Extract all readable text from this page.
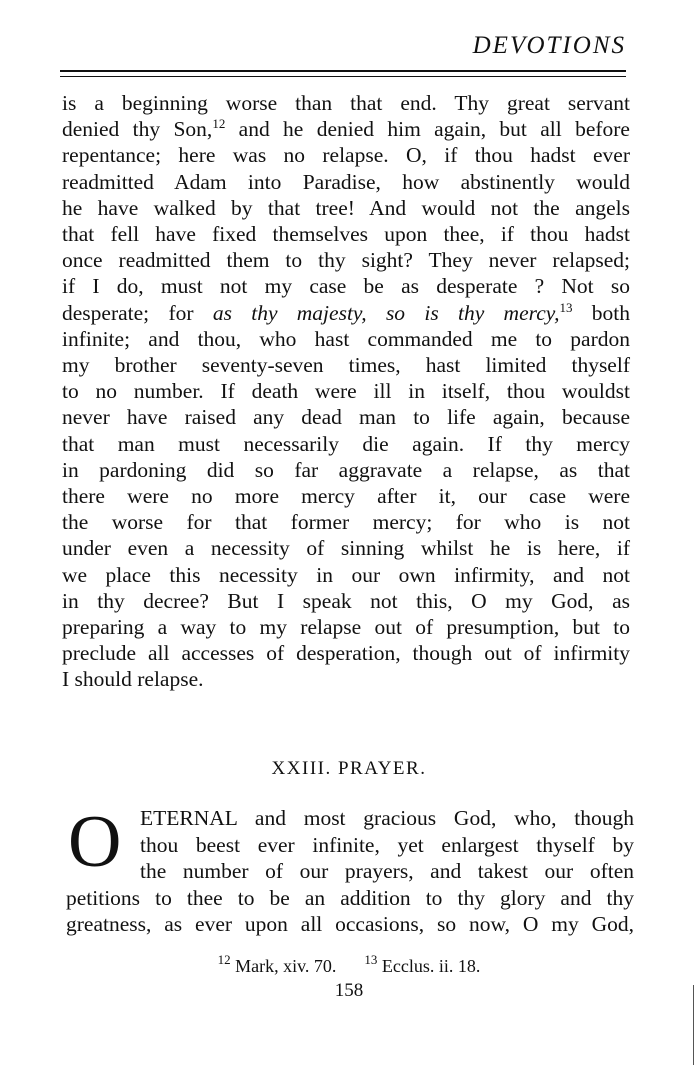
DEVOTIONS
is a beginning worse than that end. Thy great servant
denied thy Son,$^{12}$ and he denied him again, but all before
repentance; here was no relapse. O, if thou hadst ever
readmitted Adam into Paradise, how abstinently would
he have walked by that tree! And would not the angels
that fell have fixed themselves upon thee, if thou hadst
once readmitted them to thy sight? They never relapsed;
if I do, must not my case be as desperate ? Not so
desperate; for as thy majesty, so is thy mercy,$^{13}$ both
infinite; and thou, who hast commanded me to pardon
my brother seventy-seven times, hast limited thyself
to no number. If death were ill in itself, thou wouldst
never have raised any dead man to life again, because
that man must necessarily die again. If thy mercy
in pardoning did so far aggravate a relapse, as that
there were no more mercy after it, our case were
the worse for that former mercy; for who is not
under even a necessity of sinning whilst he is here, if
we place this necessity in our own infirmity, and not
in thy decree? But I speak not this, O my God, as
preparing a way to my relapse out of presumption, but to
preclude all accesses of desperation, though out of infirmity
I should relapse.
XXIII. PRAYER.
O ETERNAL and most gracious God, who, though
thou beest ever infinite, yet enlargest thyself by
the number of our prayers, and takest our often
petitions to thee to be an addition to thy glory and thy
greatness, as ever upon all occasions, so now, O my God,
$^{12}$ Mark, xiv. 70. $^{13}$ Ecclus. ii. 18.
158
